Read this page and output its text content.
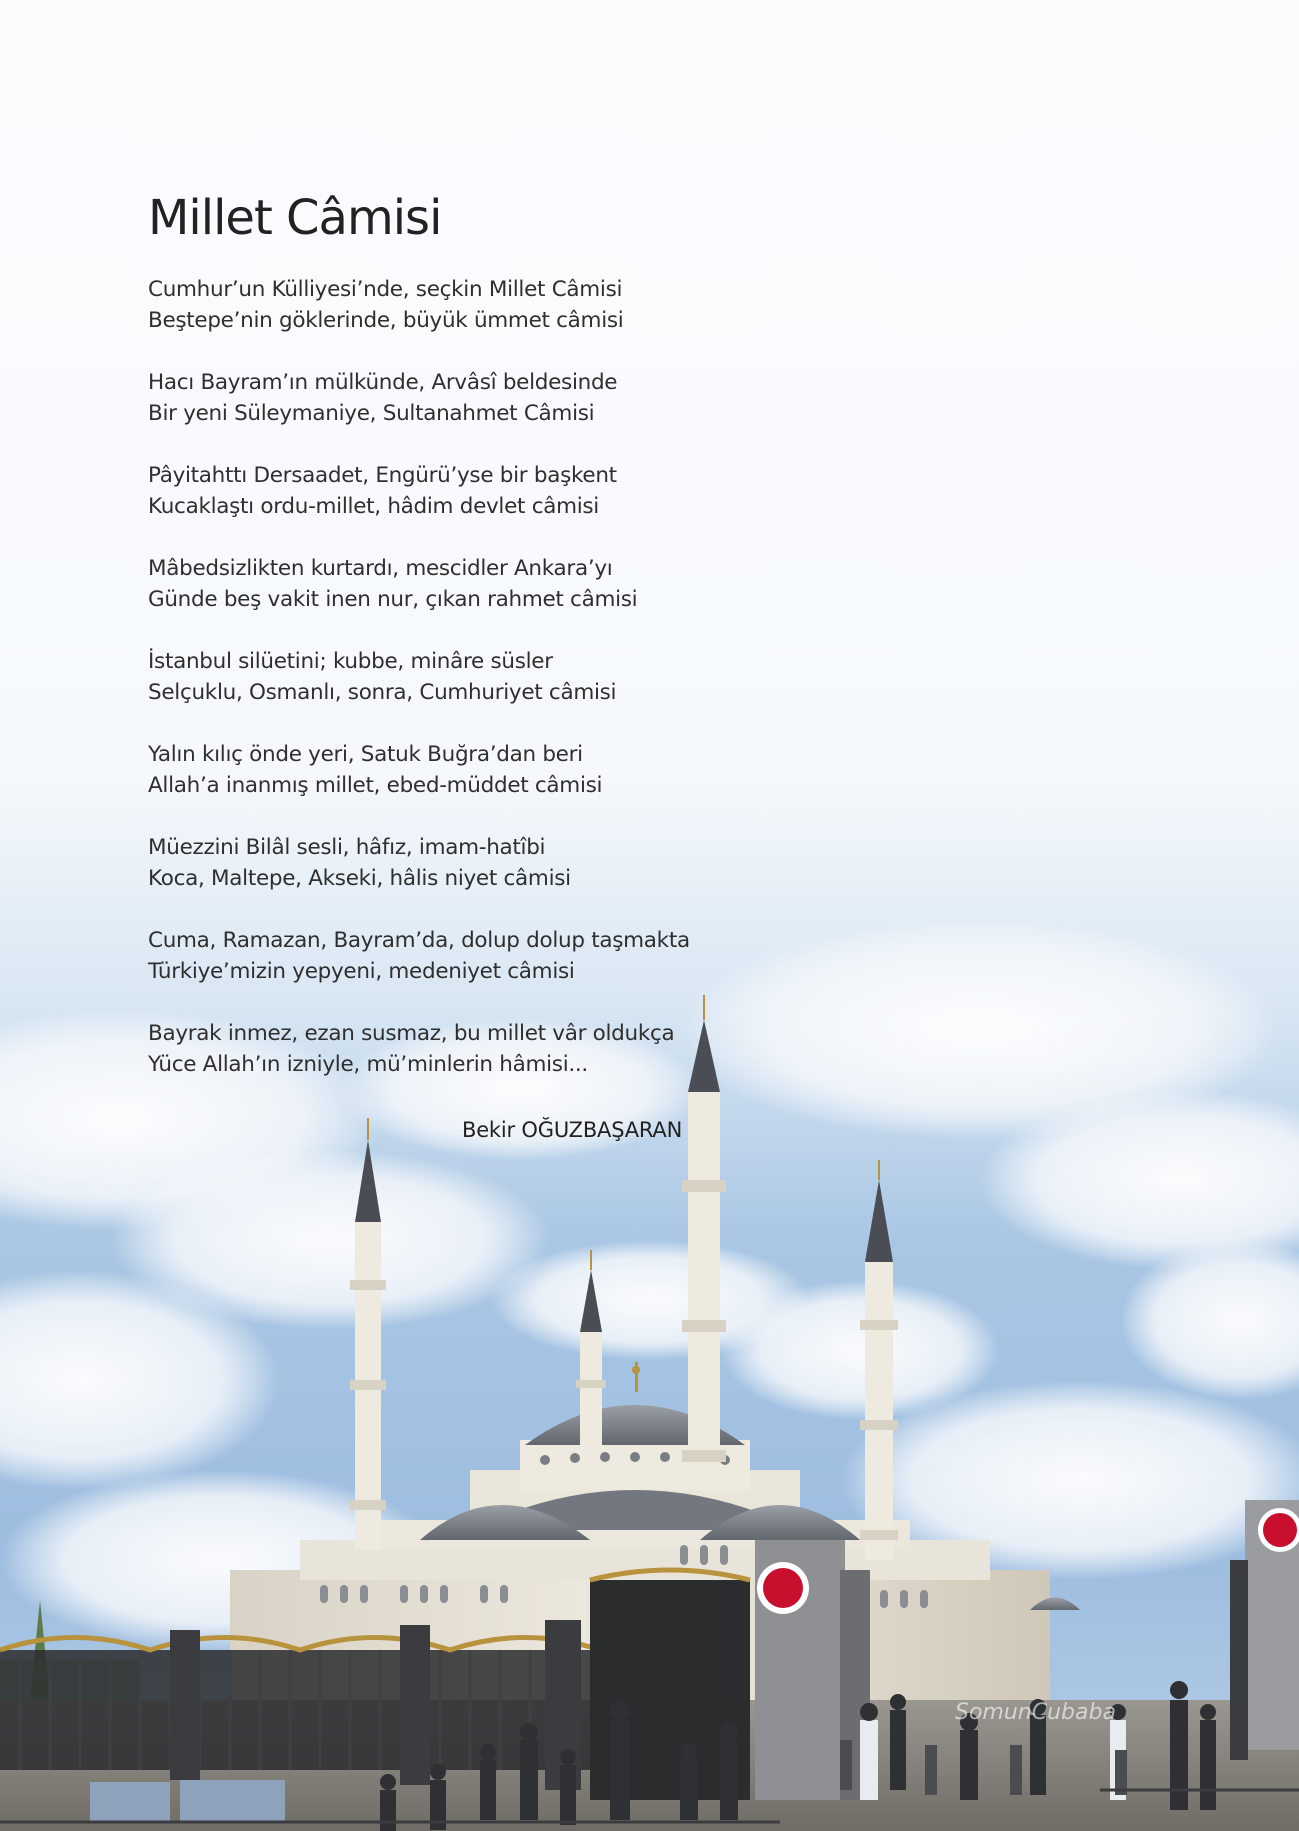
Millet Câmisi
Cumhur’un Külliyesi’nde, seçkin Millet Câmisi
Beştepe’nin göklerinde, büyük ümmet câmisi
Hacı Bayram’ın mülkünde, Arvâsî beldesinde
Bir yeni Süleymaniye, Sultanahmet Câmisi
Pâyitahttı Dersaadet, Engürü’yse bir başkent
Kucaklaştı ordu-millet, hâdim devlet câmisi
Mâbedsizlikten kurtardı, mescidler Ankara’yı
Günde beş vakit inen nur, çıkan rahmet câmisi
İstanbul silüetini; kubbe, minâre süsler
Selçuklu, Osmanlı, sonra, Cumhuriyet câmisi
Yalın kılıç önde yeri, Satuk Buğra’dan beri
Allah’a inanmış millet, ebed-müddet câmisi
Müezzini Bilâl sesli, hâfız, imam-hatîbi
Koca, Maltepe, Akseki, hâlis niyet câmisi
Cuma, Ramazan, Bayram’da, dolup dolup taşmakta
Türkiye’mizin yepyeni, medeniyet câmisi
Bayrak inmez, ezan susmaz, bu millet vâr oldukça
Yüce Allah’ın izniyle, mü’minlerin hâmisi...
Bekir OĞUZBAŞARAN
SomunCubaba
